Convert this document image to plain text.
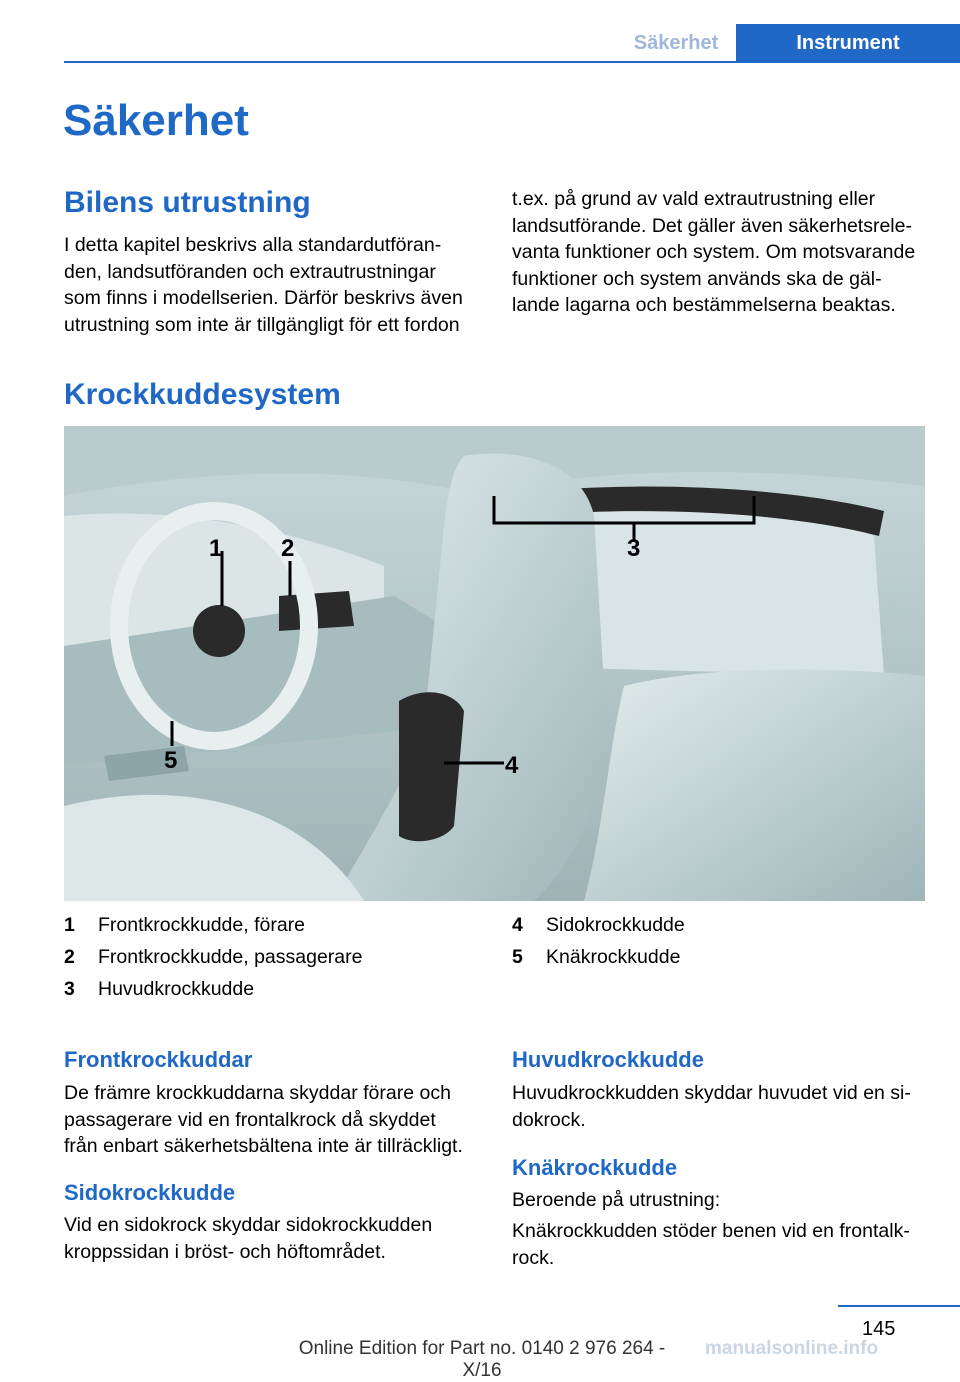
Säkerhet	Instrument
Säkerhet
Bilens utrustning
I detta kapitel beskrivs alla standardutföran-
den, landsutföranden och extrautrustningar
som finns i modellserien. Därför beskrivs även
utrustning som inte är tillgängligt för ett fordon
t.ex. på grund av vald extrautrustning eller
landsutförande. Det gäller även säkerhetsrele-
vanta funktioner och system. Om motsvarande
funktioner och system används ska de gäl-
lande lagarna och bestämmelserna beaktas.
Krockkuddesystem
1 2	3
4
5
1	Frontkrockkudde, förare
2	Frontkrockkudde, passagerare
3	Huvudkrockkudde
4	Sidokrockkudde
5	Knäkrockkudde
Frontkrockkuddar
De främre krockkuddarna skyddar förare och
passagerare vid en frontalkrock då skyddet
från enbart säkerhetsbältena inte är tillräckligt.
Sidokrockkudde
Vid en sidokrock skyddar sidokrockkudden
kroppssidan i bröst- och höftområdet.
Huvudkrockkudde
Huvudkrockkudden skyddar huvudet vid en si-
dokrock.
Knäkrockkudde
Beroende på utrustning:
Knäkrockkudden stöder benen vid en frontalk-
rock.
145
Online Edition for Part no. 0140 2 976 264 - X/16
manualsonline.info
